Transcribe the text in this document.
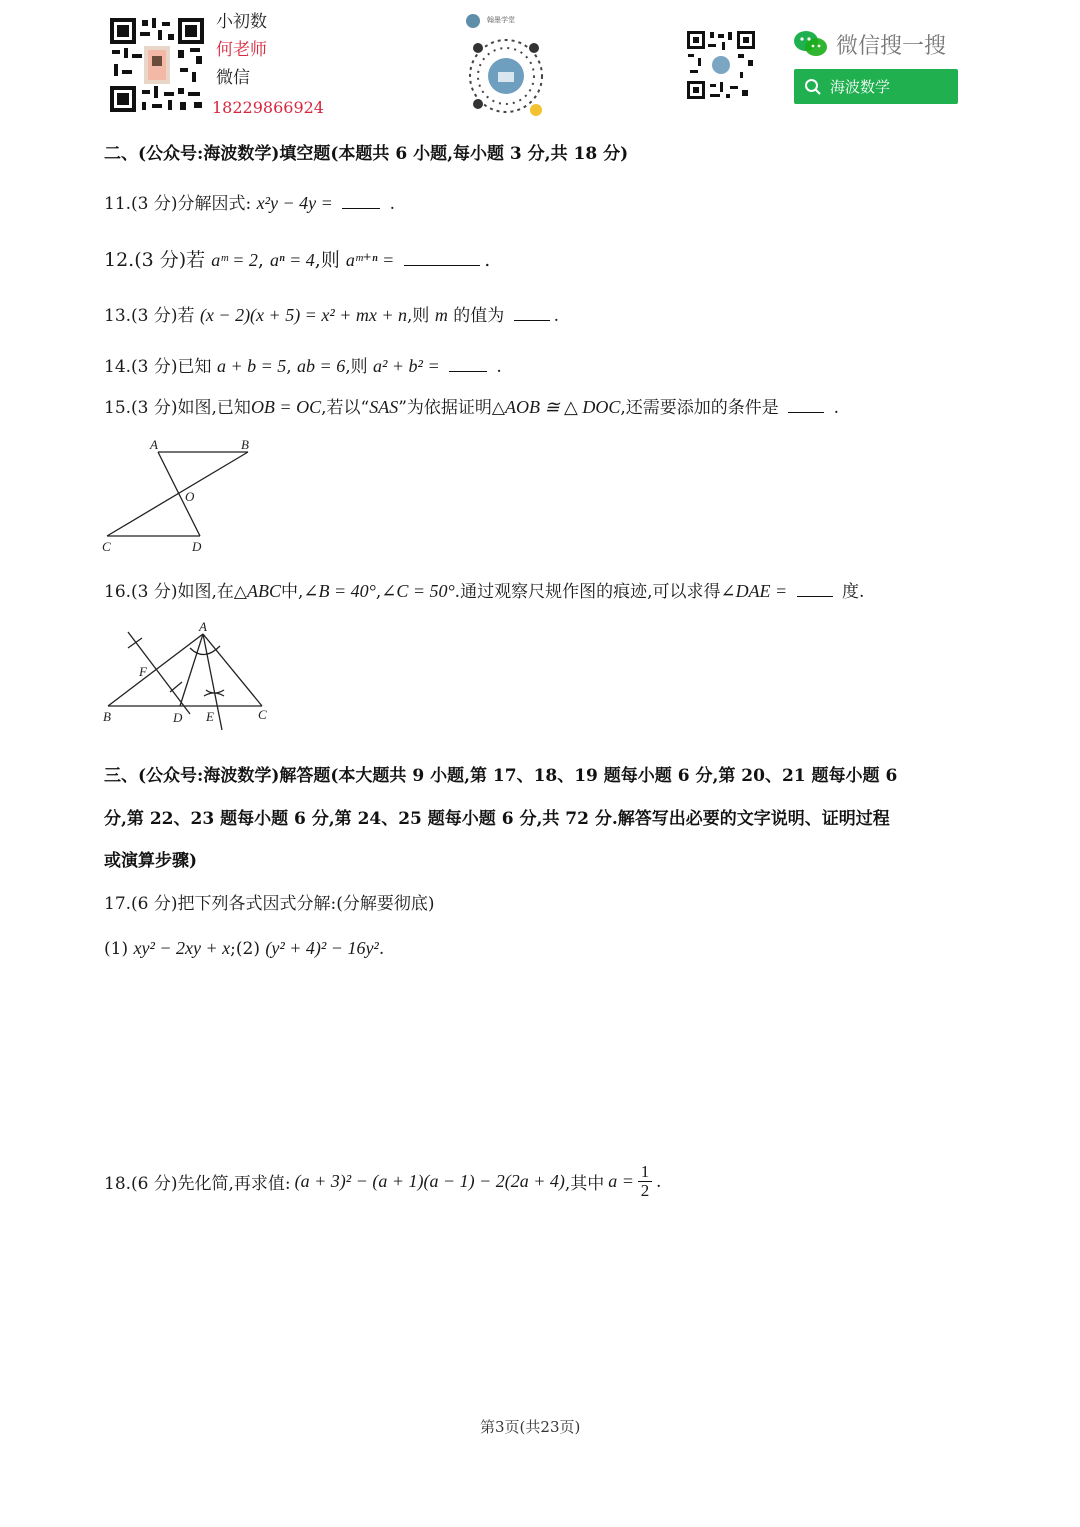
小初数
何老师
微信
18229866924
翰墨学堂
微信搜一搜
海波数学
二、(公众号:海波数学)填空题(本题共 6 小题,每小题 3 分,共 18 分)
11.(3 分)分解因式: x²y − 4y =	.
12.(3 分)若 aᵐ = 2, aⁿ = 4,则 aᵐ⁺ⁿ =	.
13.(3 分)若 (x − 2)(x + 5) = x² + mx + n,则 m 的值为	.
14.(3 分)已知 a + b = 5, ab = 6,则 a² + b² =	.
15.(3 分)如图,已知OB = OC,若以“SAS”为依据证明△AOB ≅ △ DOC,还需要添加的条件是	.
A	B
O
C	D
16.(3 分)如图,在△ABC中,∠B = 40°,∠C = 50°.通过观察尺规作图的痕迹,可以求得∠DAE =	度.
A
F
B	D E	C
三、(公众号:海波数学)解答题(本大题共 9 小题,第 17、18、19 题每小题 6 分,第 20、21 题每小题 6
分,第 22、23 题每小题 6 分,第 24、25 题每小题 6 分,共 72 分.解答写出必要的文字说明、证明过程
或演算步骤)
17.(6 分)把下列各式因式分解:(分解要彻底)
(1) xy² − 2xy + x;(2) (y² + 4)² − 16y².
18.(6 分)先化简,再求值: (a + 3)² − (a + 1)(a − 1) − 2(2a + 4) ,其中 a = 1
2 .
第3页(共23页)
